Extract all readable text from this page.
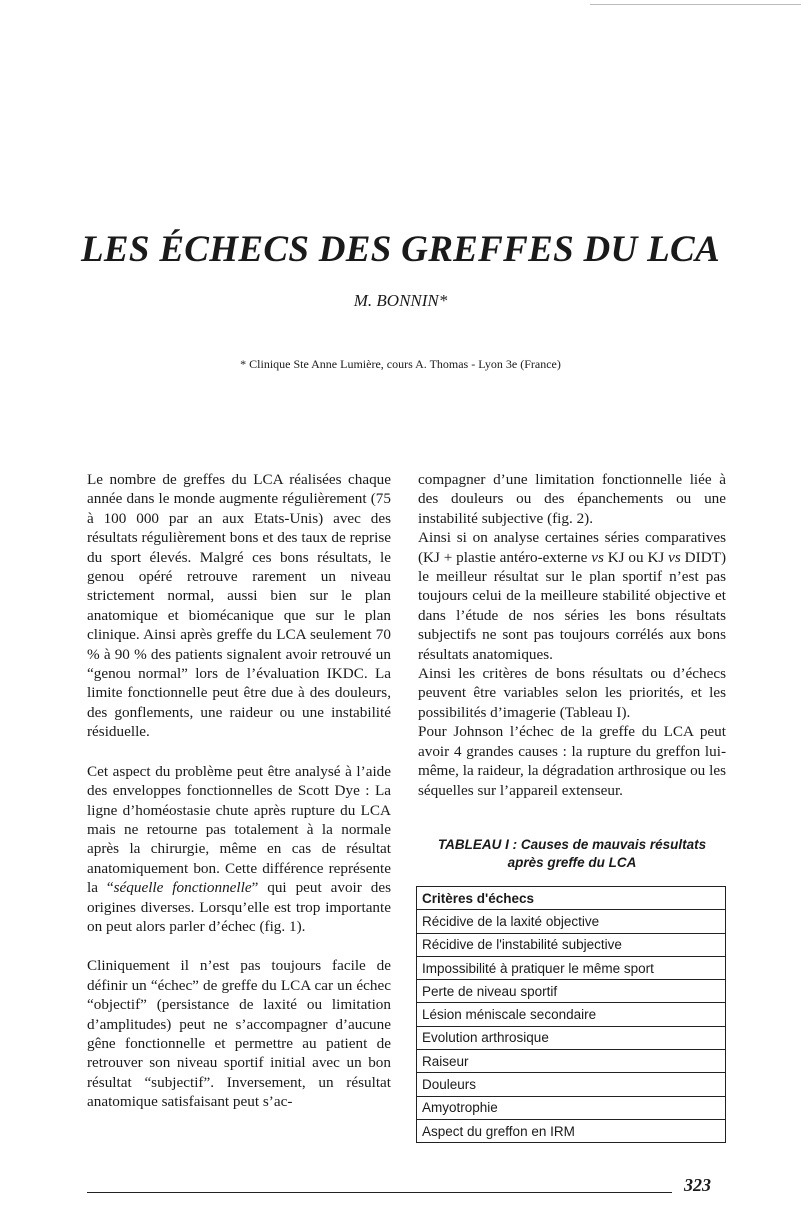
LES ÉCHECS DES GREFFES DU LCA
M. BONNIN*
* Clinique Ste Anne Lumière, cours A. Thomas - Lyon 3e (France)

Le nombre de greffes du LCA réalisées chaque année dans le monde augmente régulièrement (75 à 100 000 par an aux Etats-Unis) avec des résultats régulièrement bons et des taux de reprise du sport élevés. Malgré ces bons résultats, le genou opéré retrouve rarement un niveau strictement normal, aussi bien sur le plan anatomique et biomécanique que sur le plan clinique. Ainsi après greffe du LCA seulement 70 % à 90 % des patients signalent avoir retrouvé un “genou normal” lors de l’évaluation IKDC. La limite fonctionnelle peut être due à des douleurs, des gonflements, une raideur ou une instabilité résiduelle.

Cet aspect du problème peut être analysé à l’aide des enveloppes fonctionnelles de Scott Dye : La ligne d’homéostasie chute après rupture du LCA mais ne retourne pas totalement à la normale après la chirurgie, même en cas de résultat anatomiquement bon. Cette différence représente la “séquelle fonctionnelle” qui peut avoir des origines diverses. Lorsqu’elle est trop importante on peut alors parler d’échec (fig. 1).

Cliniquement il n’est pas toujours facile de définir un “échec” de greffe du LCA car un échec “objectif” (persistance de laxité ou limitation d’amplitudes) peut ne s’accompagner d’aucune gêne fonctionnelle et permettre au patient de retrouver son niveau sportif initial avec un bon résultat “subjectif”. Inversement, un résultat anatomique satisfaisant peut s’ac-

compagner d’une limitation fonctionnelle liée à des douleurs ou des épanchements ou une instabilité subjective (fig. 2).

Ainsi si on analyse certaines séries comparatives (KJ + plastie antéro-externe vs KJ ou KJ vs DIDT) le meilleur résultat sur le plan sportif n’est pas toujours celui de la meilleure stabilité objective et dans l’étude de nos séries les bons résultats subjectifs ne sont pas toujours corrélés aux bons résultats anatomiques.

Ainsi les critères de bons résultats ou d’échecs peuvent être variables selon les priorités, et les possibilités d’imagerie (Tableau I).

Pour Johnson l’échec de la greffe du LCA peut avoir 4 grandes causes : la rupture du greffon lui-même, la raideur, la dégradation arthrosique ou les séquelles sur l’appareil extenseur.

TABLEAU I : Causes de mauvais résultats
après greffe du LCA
Critères d'échecs
Récidive de la laxité objective
Récidive de l'instabilité subjective
Impossibilité à pratiquer le même sport
Perte de niveau sportif
Lésion méniscale secondaire
Evolution arthrosique
Raiseur
Douleurs
Amyotrophie
Aspect du greffon en IRM
323
